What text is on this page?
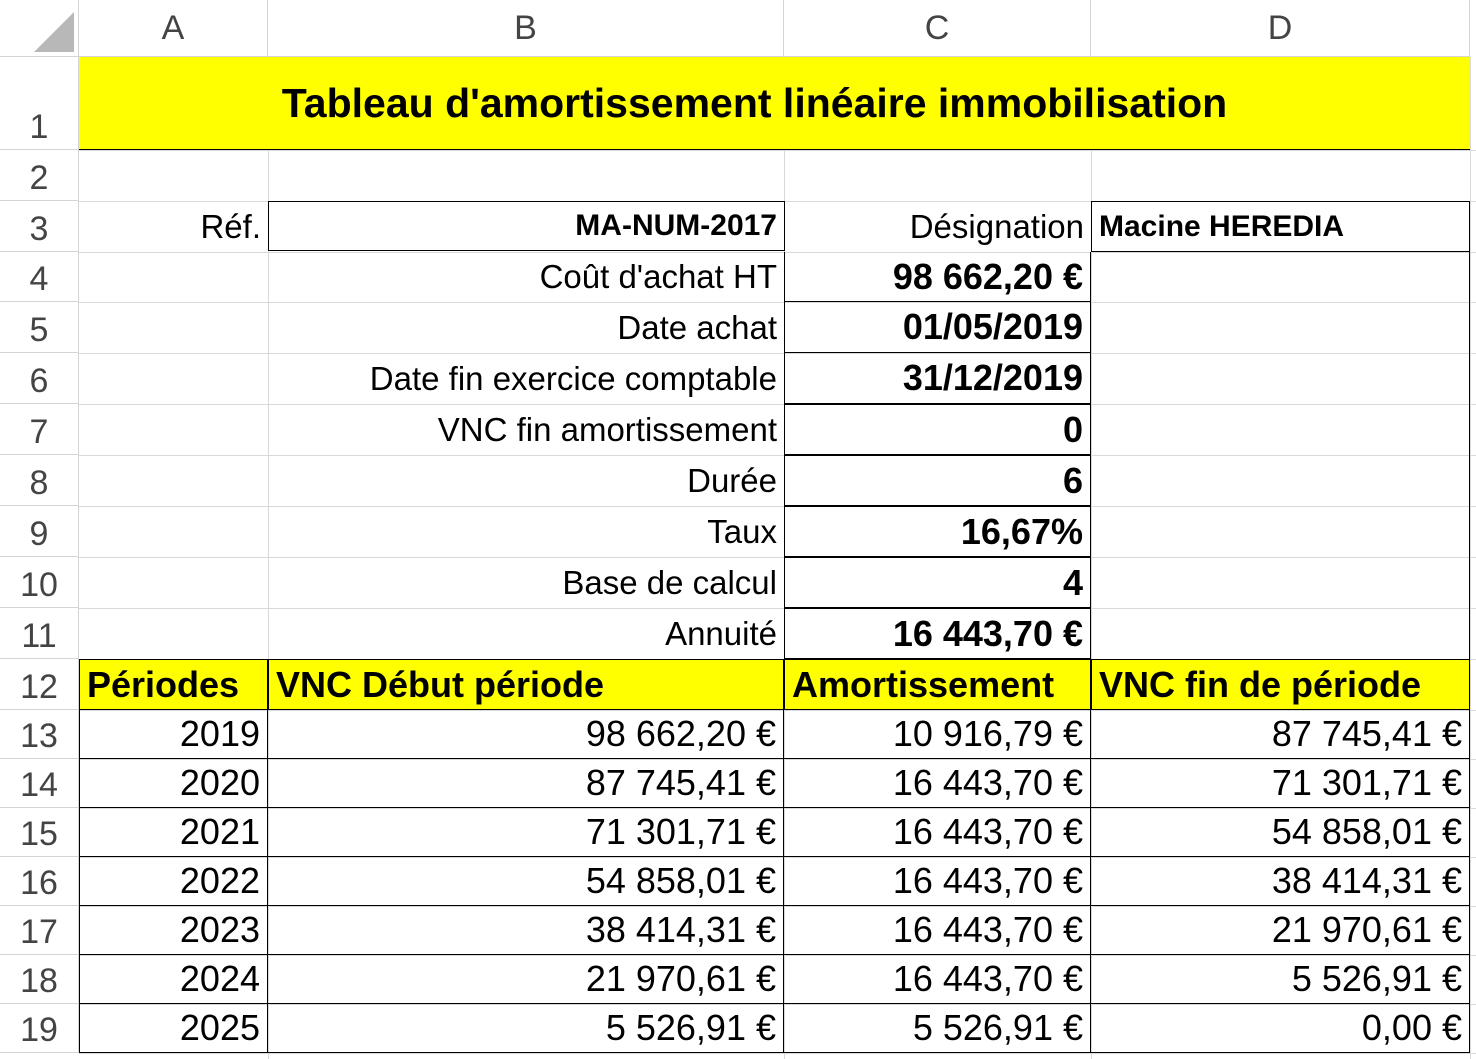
A	B	C	D
1
2
3
4
5
6
7
8
9
10
11
12
13
14
15
16
17
18
19
Tableau d'amortissement linéaire immobilisation
Réf.	MA-NUM-2017	Désignation Macine HEREDIA
Coût d'achat HT	98 662,20 €
Date achat	01/05/2019
Date fin exercice comptable	31/12/2019
VNC fin amortissement	0
Durée	6
Taux	16,67%
Base de calcul	4
Annuité	16 443,70 €
Périodes	VNC Début période	Amortissement	VNC fin de période
2019	98 662,20 €	10 916,79 €	87 745,41 €
2020	87 745,41 €	16 443,70 €	71 301,71 €
2021	71 301,71 €	16 443,70 €	54 858,01 €
2022	54 858,01 €	16 443,70 €	38 414,31 €
2023	38 414,31 €	16 443,70 €	21 970,61 €
2024	21 970,61 €	16 443,70 €	5 526,91 €
2025	5 526,91 €	5 526,91 €	0,00 €
